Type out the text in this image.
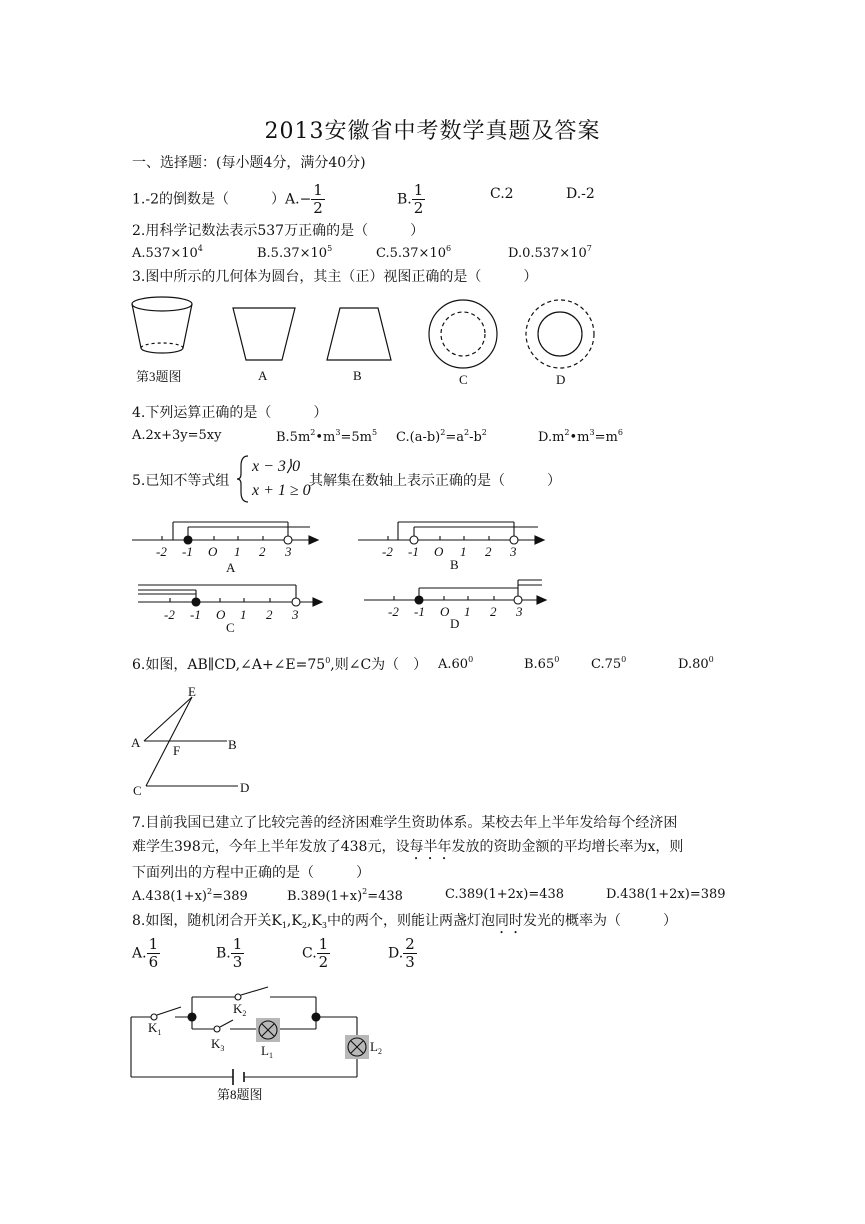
2013安徽省中考数学真题及答案
一、选择题：(每小题4分，满分40分)
1.-2的倒数是（　　　）$A.- \frac{1}{2}$	B. $\frac{1}{2}$	C.2	D.-2
2.用科学记数法表示537万正确的是（　　　）
$A.537\times 10^4$	$B.5.37\times 10^5$	$C.5.37\times 10^6$	$D.0.537\times 10^7$
3.图中所示的几何体为圆台，其主（正）视图正确的是（　　　）
第3题图	A	B	C	D
4.下列运算正确的是（　　　）
A.2x+3y=5xy	$B.5m^2•m^3=5m^5$ $C.(a-b)^2=a^2-b^2$	$D.m^2•m^3=m^6$
5.已知不等式组
x − 3⟩0
x + 1 ≥ 0
其解集在数轴上表示正确的是（　　　）
-2 -1 O 1 2 3
A
-2 -1 O 1 2 3
B
-2 -1 O 1 2 3
C
-2 -1 O 1 2 3
D
6.如图，$AB\parallel CD,\angle A+\angle E=75^0$,则∠C为（　） $A.60^0$	$B.65^0$ $C.75^0$	$D.80^0$
E
A	B
F
C	D
7.目前我国已建立了比较完善的经济困难学生资助体系。某校去年上半年发给每个经济困
难学生398元，今年上半年发放了438元，设每半年发放的资助金额的平均增长率为x，则
下面列出的方程中正确的是（　　　）
$A.438(1+x)^2=389$	$B.389(1+x)^2=438$	C.389(1+2x)=438	D.438(1+2x)=389
8.如图，随机闭合开关$K_1,K_2,K_3$中的两个，则能让两盏灯泡同时发光的概率为（　　　）
A. $\frac{1}{6}$	B. $\frac{1}{3}$	C. $\frac{1}{2}$	D. $\frac{2}{3}$
$K_1$
$K_2$
$K_3$	$L_1$
$L_2$
第8题图
